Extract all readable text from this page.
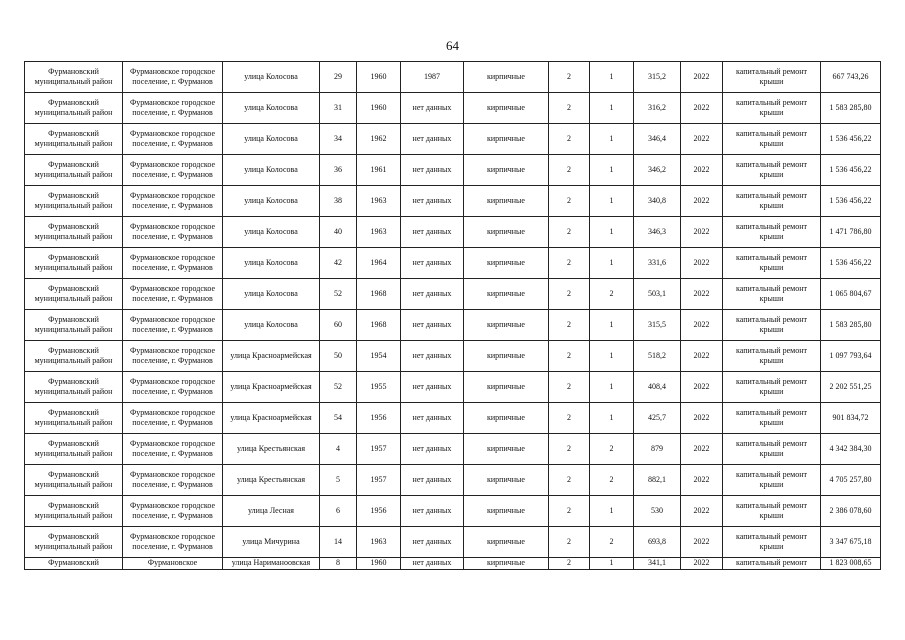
64
Фурмановский муниципальный район	Фурмановское городское поселение, г. Фурманов	улица Колосова	29	1960	1987	кирпичные	2	1	315,2	2022	капитальный ремонт крыши	667 743,26
Фурмановский муниципальный район	Фурмановское городское поселение, г. Фурманов	улица Колосова	31	1960	нет данных	кирпичные	2	1	316,2	2022	капитальный ремонт крыши	1 583 285,80
Фурмановский муниципальный район	Фурмановское городское поселение, г. Фурманов	улица Колосова	34	1962	нет данных	кирпичные	2	1	346,4	2022	капитальный ремонт крыши	1 536 456,22
Фурмановский муниципальный район	Фурмановское городское поселение, г. Фурманов	улица Колосова	36	1961	нет данных	кирпичные	2	1	346,2	2022	капитальный ремонт крыши	1 536 456,22
Фурмановский муниципальный район	Фурмановское городское поселение, г. Фурманов	улица Колосова	38	1963	нет данных	кирпичные	2	1	340,8	2022	капитальный ремонт крыши	1 536 456,22
Фурмановский муниципальный район	Фурмановское городское поселение, г. Фурманов	улица Колосова	40	1963	нет данных	кирпичные	2	1	346,3	2022	капитальный ремонт крыши	1 471 786,80
Фурмановский муниципальный район	Фурмановское городское поселение, г. Фурманов	улица Колосова	42	1964	нет данных	кирпичные	2	1	331,6	2022	капитальный ремонт крыши	1 536 456,22
Фурмановский муниципальный район	Фурмановское городское поселение, г. Фурманов	улица Колосова	52	1968	нет данных	кирпичные	2	2	503,1	2022	капитальный ремонт крыши	1 065 804,67
Фурмановский муниципальный район	Фурмановское городское поселение, г. Фурманов	улица Колосова	60	1968	нет данных	кирпичные	2	1	315,5	2022	капитальный ремонт крыши	1 583 285,80
Фурмановский муниципальный район	Фурмановское городское поселение, г. Фурманов	улица Красноармейская	50	1954	нет данных	кирпичные	2	1	518,2	2022	капитальный ремонт крыши	1 097 793,64
Фурмановский муниципальный район	Фурмановское городское поселение, г. Фурманов	улица Красноармейская	52	1955	нет данных	кирпичные	2	1	408,4	2022	капитальный ремонт крыши	2 202 551,25
Фурмановский муниципальный район	Фурмановское городское поселение, г. Фурманов	улица Красноармейская	54	1956	нет данных	кирпичные	2	1	425,7	2022	капитальный ремонт крыши	901 834,72
Фурмановский муниципальный район	Фурмановское городское поселение, г. Фурманов	улица Крестьянская	4	1957	нет данных	кирпичные	2	2	879	2022	капитальный ремонт крыши	4 342 384,30
Фурмановский муниципальный район	Фурмановское городское поселение, г. Фурманов	улица Крестьянская	5	1957	нет данных	кирпичные	2	2	882,1	2022	капитальный ремонт крыши	4 705 257,80
Фурмановский муниципальный район	Фурмановское городское поселение, г. Фурманов	улица Лесная	6	1956	нет данных	кирпичные	2	1	530	2022	капитальный ремонт крыши	2 386 078,60
Фурмановский муниципальный район	Фурмановское городское поселение, г. Фурманов	улица Мичурина	14	1963	нет данных	кирпичные	2	2	693,8	2022	капитальный ремонт крыши	3 347 675,18
Фурмановский	Фурмановское	улица Нариманоовская	8	1960	нет данных	кирпичные	2	1	341,1	2022	капитальный ремонт	1 823 008,65
